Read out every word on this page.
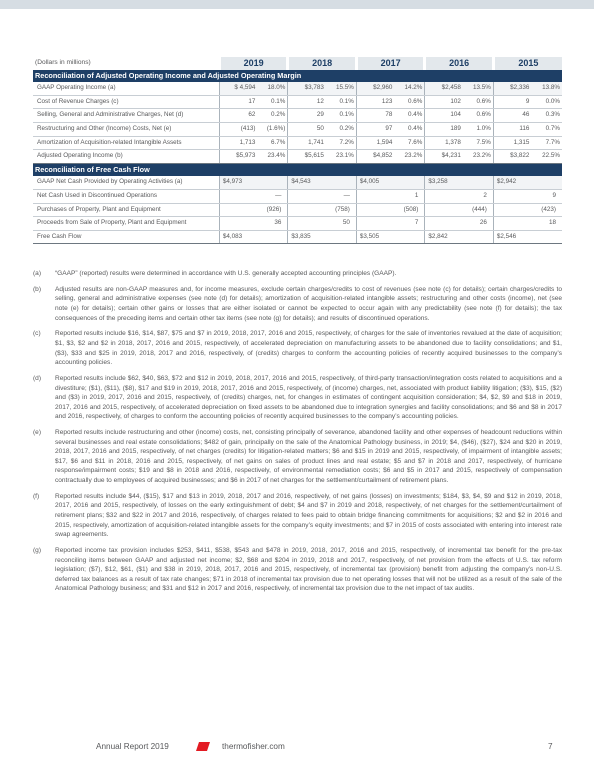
(Dollars in millions)	2019		2018		2017		2016		2015	
Reconciliation of Adjusted Operating Income and Adjusted Operating Margin										
GAAP Operating Income (a)	$ 4,594	18.0%	$3,783	15.5%	$2,960	14.2%	$2,458	13.5%	$2,336	13.8%
Cost of Revenue Charges (c)	17	0.1%	12	0.1%	123	0.6%	102	0.6%	9	0.0%
Selling, General and Administrative Charges, Net (d)	62	0.2%	29	0.1%	78	0.4%	104	0.6%	46	0.3%
Restructuring and Other (Income) Costs, Net (e)	(413)	(1.6%)	50	0.2%	97	0.4%	189	1.0%	116	0.7%
Amortization of Acquisition-related Intangible Assets	1,713	6.7%	1,741	7.2%	1,594	7.6%	1,378	7.5%	1,315	7.7%
Adjusted Operating Income (b)	$5,973	23.4%	$5,615	23.1%	$4,852	23.2%	$4,231	23.2%	$3,822	22.5%
Reconciliation of Free Cash Flow										
GAAP Net Cash Provided by Operating Activities (a)	$4,973		$4,543		$4,005		$3,258		$2,942	
Net Cash Used in Discontinued Operations	—		—		1		2		9	
Purchases of Property, Plant and Equipment	(926)		(758)		(508)		(444)		(423)	
Proceeds from Sale of Property, Plant and Equipment	36		50		7		26		18	
Free Cash Flow	$4,083		$3,835		$3,505		$2,842		$2,546	
(a)	“GAAP” (reported) results were determined in accordance with U.S. generally accepted accounting principles (GAAP).
(b)	Adjusted results are non-GAAP measures and, for income measures, exclude certain charges/credits to cost of revenues (see note (c) for details); certain charges/credits to selling, general and administrative expenses (see note (d) for details); amortization of acquisition-related intangible assets; restructuring and other costs (income), net (see note (e) for details); certain other gains or losses that are either isolated or cannot be expected to occur again with any predictability (see note (f) for details); the tax consequences of the preceding items and certain other tax items (see note (g) for details); and results of discontinued operations.
(c)	Reported results include $16, $14, $87, $75 and $7 in 2019, 2018, 2017, 2016 and 2015, respectively, of charges for the sale of inventories revalued at the date of acquisition; $1, $3, $2 and $2 in 2018, 2017, 2016 and 2015, respectively, of accelerated depreciation on manufacturing assets to be abandoned due to facility consolidations; and $1, ($3), $33 and $25 in 2019, 2018, 2017 and 2016, respectively, of (credits) charges to conform the accounting policies of recently acquired businesses to the company’s accounting policies.
(d)	Reported results include $62, $40, $63, $72 and $12 in 2019, 2018, 2017, 2016 and 2015, respectively, of third-party transaction/integration costs related to acquisitions and a divestiture; ($1), ($11), ($8), $17 and $19 in 2019, 2018, 2017, 2016 and 2015, respectively, of (income) charges, net, associated with product liability litigation; ($3), $15, ($2) and ($3) in 2019, 2017, 2016 and 2015, respectively, of (credits) charges, net, for changes in estimates of contingent acquisition consideration; $4, $2, $9 and $18 in 2019, 2017, 2016 and 2015, respectively, of accelerated depreciation on fixed assets to be abandoned due to integration synergies and facility consolidations; and $6 and $8 in 2017 and 2016, respectively, of charges to conform the accounting policies of recently acquired businesses to the company’s accounting policies.
(e)	Reported results include restructuring and other (income) costs, net, consisting principally of severance, abandoned facility and other expenses of headcount reductions within several businesses and real estate consolidations; $482 of gain, principally on the sale of the Anatomical Pathology business, in 2019; $4, ($46), ($27), $24 and $20 in 2019, 2018, 2017, 2016 and 2015, respectively, of net charges (credits) for litigation-related matters; $6 and $15 in 2019 and 2015, respectively, of impairment of intangible assets; $17, $6 and $11 in 2018, 2016 and 2015, respectively, of net gains on sales of product lines and real estate; $5 and $7 in 2018 and 2017, respectively, of hurricane response/impairment costs; $19 and $8 in 2018 and 2016, respectively, of environmental remediation costs; $6 and $5 in 2017 and 2015, respectively of compensation contractually due to employees of acquired businesses; and $6 in 2017 of net charges for the settlement/curtailment of retirement plans.
(f)	Reported results include $44, ($15), $17 and $13 in 2019, 2018, 2017 and 2016, respectively, of net gains (losses) on investments; $184, $3, $4, $9 and $12 in 2019, 2018, 2017, 2016 and 2015, respectively, of losses on the early extinguishment of debt; $4 and $7 in 2019 and 2018, respectively, of net charges for the settlement/curtailment of retirement plans; $32 and $22 in 2017 and 2016, respectively, of charges related to fees paid to obtain bridge financing commitments for acquisitions; $2 and $2 in 2016 and 2015, respectively, amortization of acquisition-related intangible assets for the company’s equity investments; and $7 in 2015 of costs associated with entering into interest rate swap agreements.
(g)	Reported income tax provision includes $253, $411, $538, $543 and $478 in 2019, 2018, 2017, 2016 and 2015, respectively, of incremental tax benefit for the pre-tax reconciling items between GAAP and adjusted net income; $2, $68 and $204 in 2019, 2018 and 2017, respectively, of net provision from the effects of U.S. tax reform legislation; ($7), $12, $61, ($1) and $38 in 2019, 2018, 2017, 2016 and 2015, respectively, of incremental tax (provision) benefit from adjusting the company’s non-U.S. deferred tax balances as a result of tax rate changes; $71 in 2018 of incremental tax provision due to net operating losses that will not be utilized as a result of the sale of the Anatomical Pathology business; and $31 and $12 in 2017 and 2016, respectively, of incremental tax provision due to the net impact of tax audits.
Annual Report 2019	thermofisher.com	7
